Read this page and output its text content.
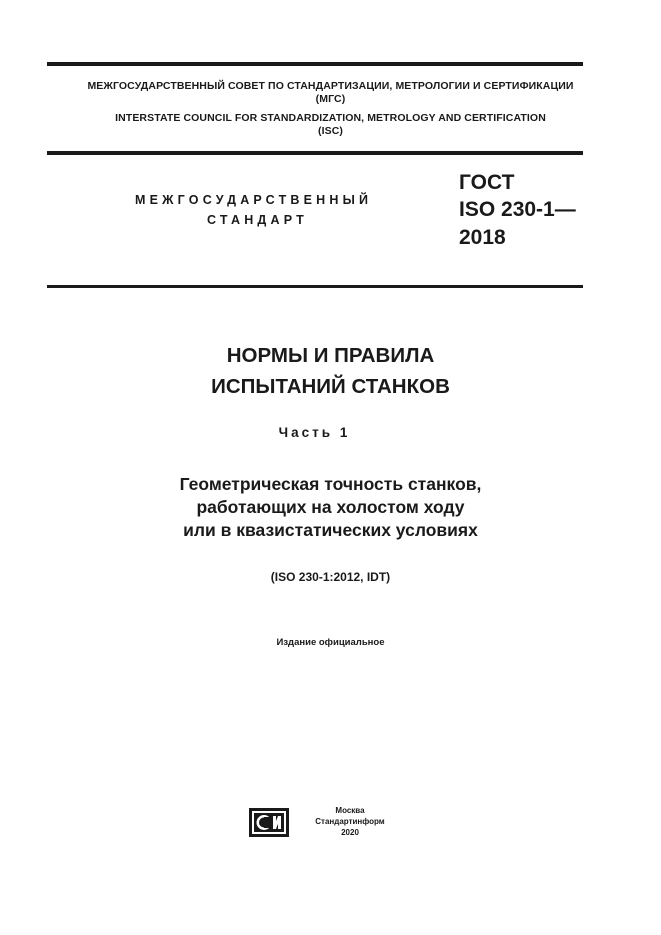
МЕЖГОСУДАРСТВЕННЫЙ СОВЕТ ПО СТАНДАРТИЗАЦИИ, МЕТРОЛОГИИ И СЕРТИФИКАЦИИ
(МГС)
INTERSTATE COUNCIL FOR STANDARDIZATION, METROLOGY AND CERTIFICATION
(ISC)
МЕЖГОСУДАРСТВЕННЫЙ
СТАНДАРТ
ГОСТ
ISO 230-1—
2018
НОРМЫ И ПРАВИЛА
ИСПЫТАНИЙ СТАНКОВ
Часть 1
Геометрическая точность станков,
работающих на холостом ходу
или в квазистатических условиях
(ISO 230-1:2012, IDT)
Издание официальное
Москва
Стандартинформ
2020
